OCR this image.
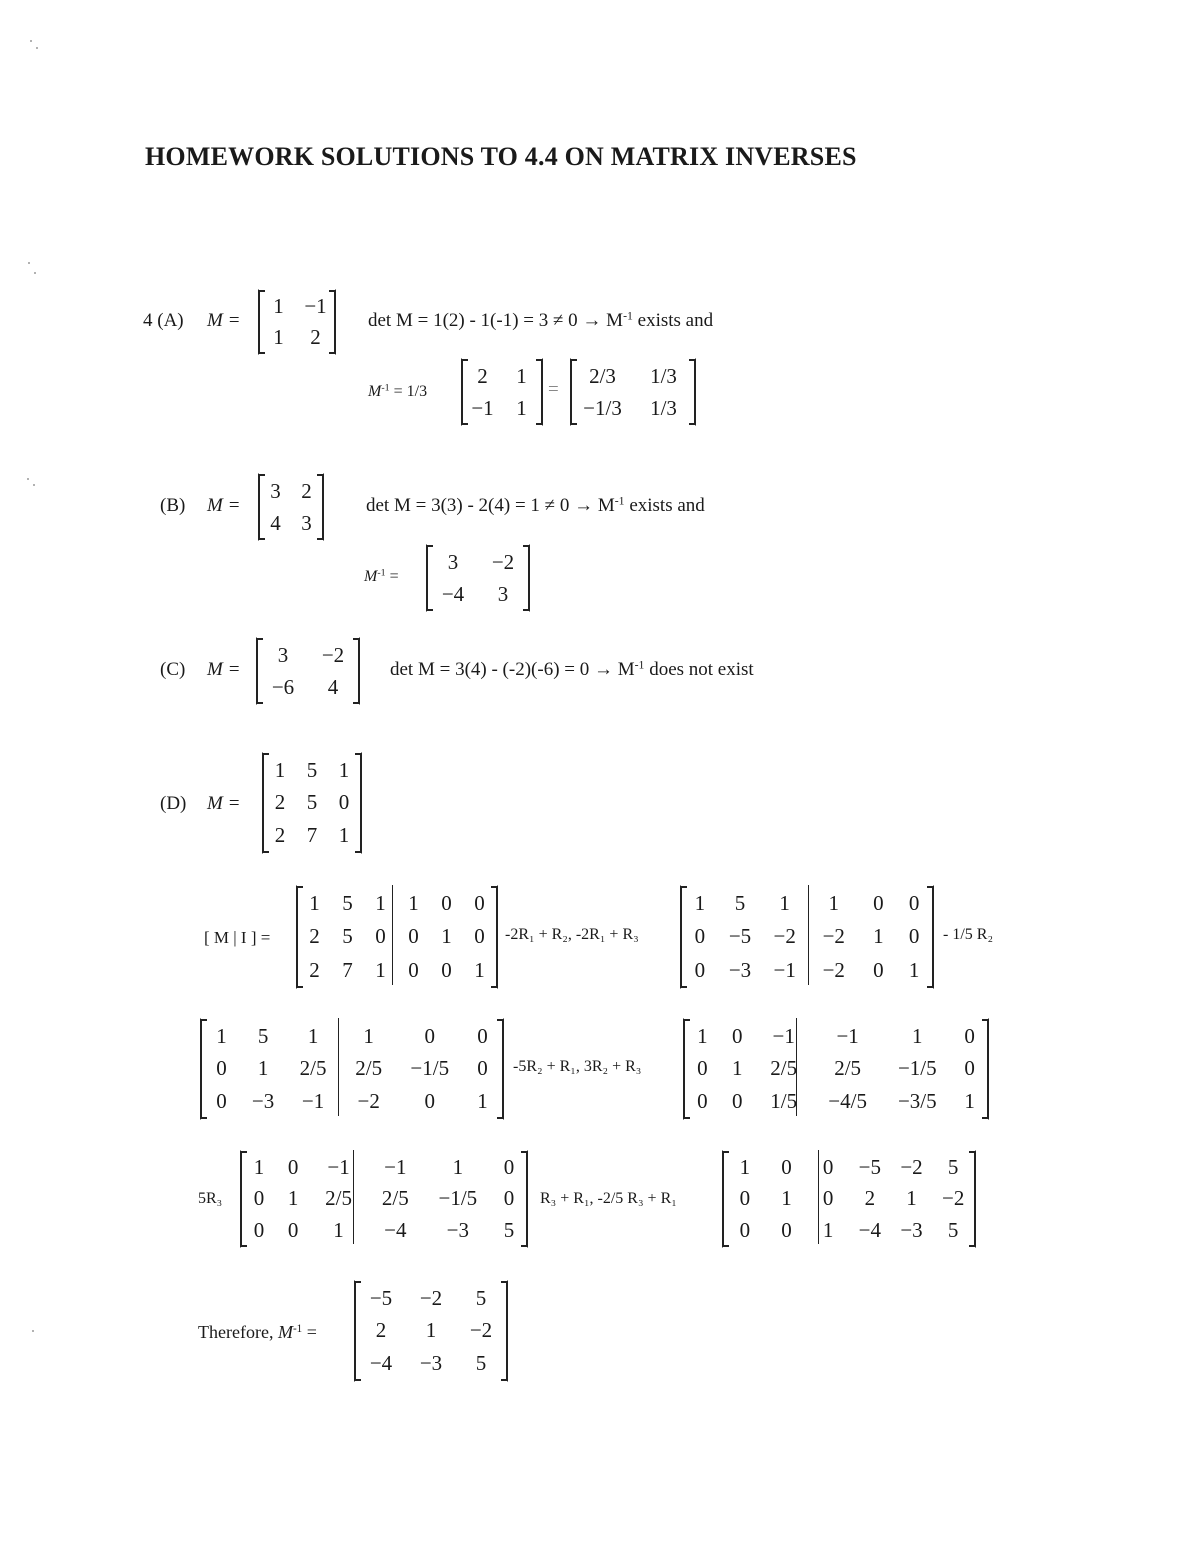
HOMEWORK SOLUTIONS TO 4.4 ON MATRIX INVERSES
4 (A) M =
1 −1
1	2
$\det M = 1(2) - 1(-1) = 3 \ne 0 \to M^{-1}$ exists and
$M^{-1} = 1/3$
2	1
−1	1
=
2/3	1/3
−1/3	1/3
(B) M =
3 2
4 3
$\det M = 3(3) - 2(4) = 1 \ne 0 \to M^{-1}$ exists and
$M^{-1}$ =
3	−2
−4	3
(C) M =
3	−2
−6	4
$\det M = 3(4) - (-2)(-6) = 0 \to M^{-1}$ does not exist
(D) M =
1	5	1
2	5	0
2	7	1
[ M | I ] =
1	5	1	1	0	0
2	5	0	0	1	0
2	7	1	0	0	1
-2R₁ + R₂, -2R₁ + R₃
1	5	1	1	0	0
0	−5	−2	−2	1	0
0	−3	−1	−2	0	1
- 1/5 R₂
1	5	1	1	0	0
0	1	2/5	2/5	−1/5	0
0	−3	−1	−2	0	1
-5R₂ + R₁, 3R₂ + R₃
1	0	−1	−1	1	0
0	1	2/5	2/5	−1/5	0
0	0	1/5	−4/5	−3/5	1
5R₃
1	0	−1	−1	1	0
0	1	2/5	2/5	−1/5	0
0	0	1	−4	−3	5
R₃ + R₁, -2/5 R₃ + R₁
1	0	0	−5 −2	5
0	1	0	2	1	−2
0	0	1	−4 −3	5
Therefore, $M^{-1}$ =
−5	−2	5
2	1	−2
−4	−3	5
